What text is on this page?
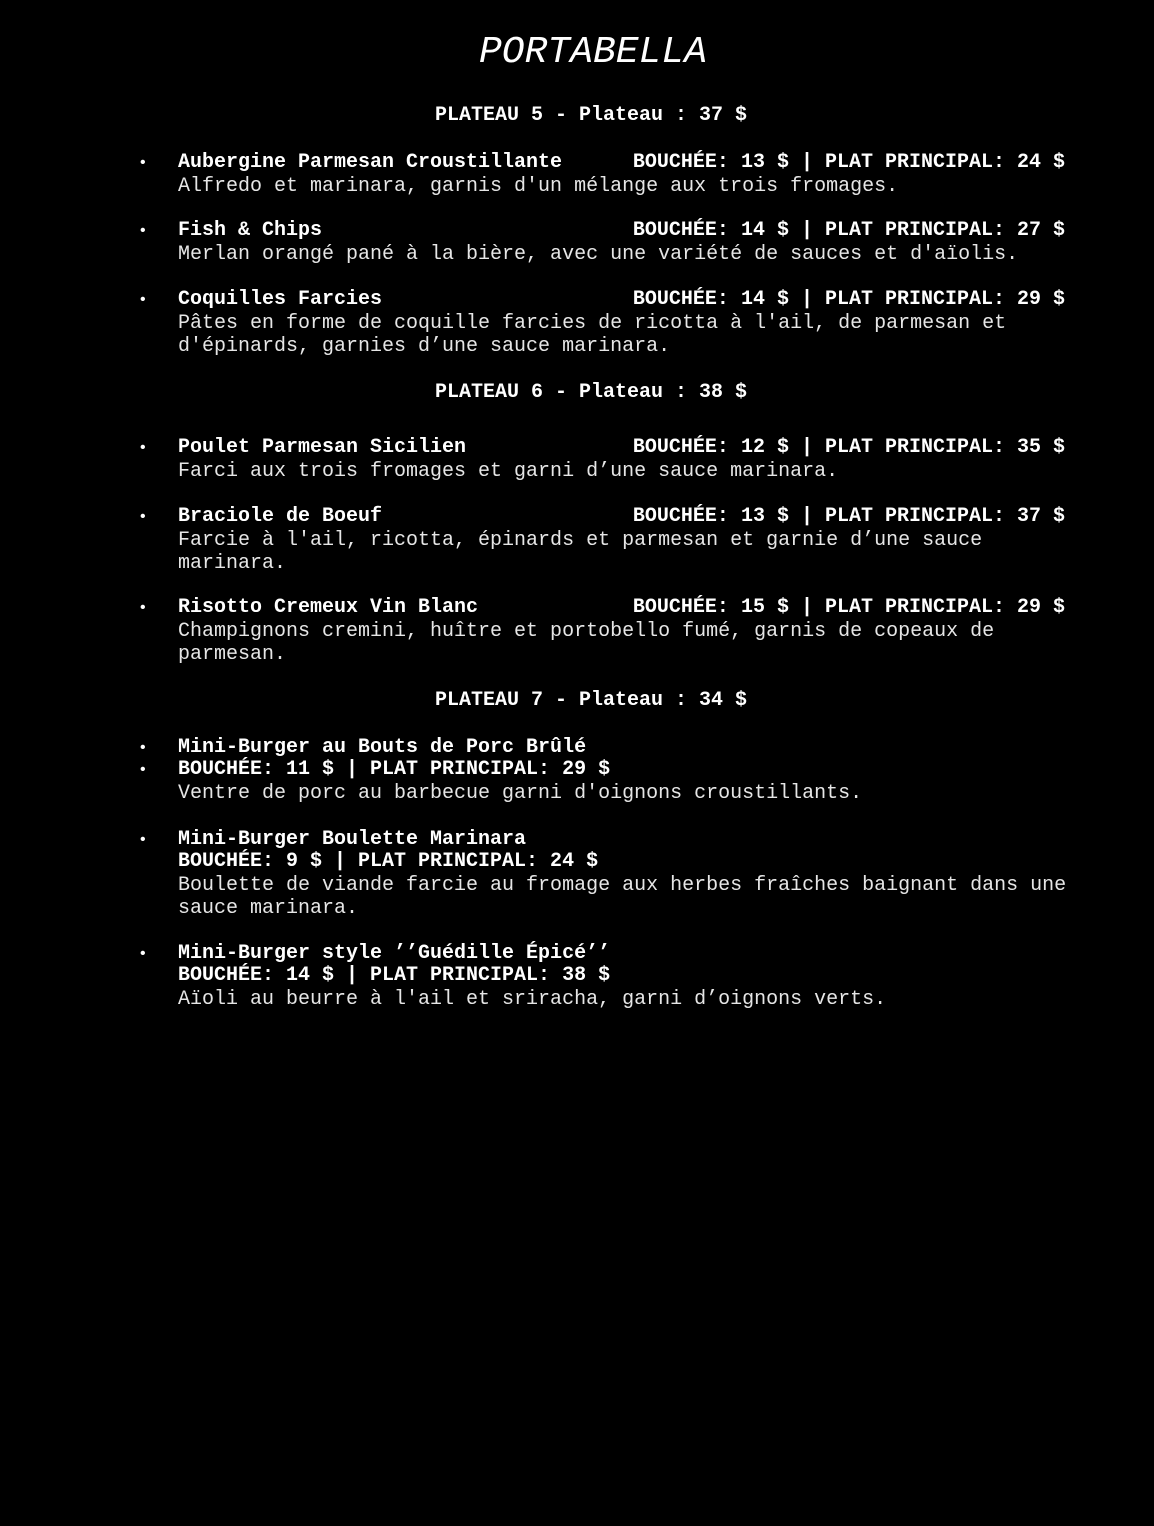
PORTABELLA
PLATEAU 5 - Plateau : 37 $
•	Aubergine Parmesan Croustillante	BOUCHÉE: 13 $ | PLAT PRINCIPAL: 24 $
Alfredo et marinara, garnis d'un mélange aux trois fromages.
•	Fish & Chips	BOUCHÉE: 14 $ | PLAT PRINCIPAL: 27 $
Merlan orangé pané à la bière, avec une variété de sauces et d'aïolis.
•	Coquilles Farcies	BOUCHÉE: 14 $ | PLAT PRINCIPAL: 29 $
Pâtes en forme de coquille farcies de ricotta à l'ail, de parmesan et d'épinards, garnies d’une sauce marinara.
PLATEAU 6 - Plateau : 38 $
•	Poulet Parmesan Sicilien	BOUCHÉE: 12 $ | PLAT PRINCIPAL: 35 $
Farci aux trois fromages et garni d’une sauce marinara.
•	Braciole de Boeuf	BOUCHÉE: 13 $ | PLAT PRINCIPAL: 37 $
Farcie à l'ail, ricotta, épinards et parmesan et garnie d’une sauce marinara.
•	Risotto Cremeux Vin Blanc	BOUCHÉE: 15 $ | PLAT PRINCIPAL: 29 $
Champignons cremini, huître et portobello fumé, garnis de copeaux de parmesan.
PLATEAU 7 - Plateau : 34 $
•	Mini-Burger au Bouts de Porc Brûlé
•	BOUCHÉE: 11 $ | PLAT PRINCIPAL: 29 $
Ventre de porc au barbecue garni d'oignons croustillants.
•	Mini-Burger Boulette Marinara
BOUCHÉE: 9 $ | PLAT PRINCIPAL: 24 $
Boulette de viande farcie au fromage aux herbes fraîches baignant dans une sauce marinara.
•	Mini-Burger style ’’Guédille Épicé’’
BOUCHÉE: 14 $ | PLAT PRINCIPAL: 38 $
Aïoli au beurre à l'ail et sriracha, garni d’oignons verts.
